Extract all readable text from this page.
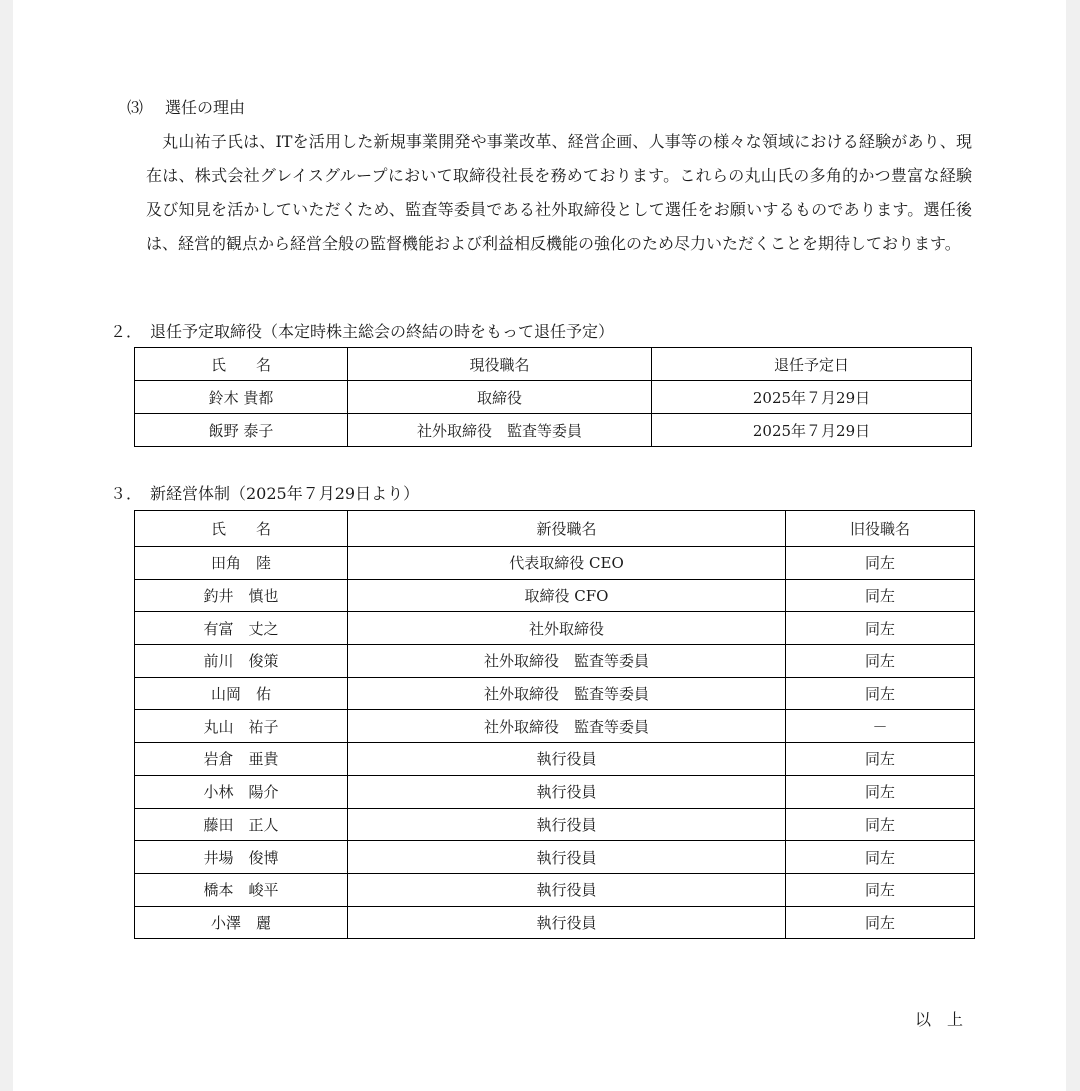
⑶ 選任の理由

丸山祐子氏は、ITを活用した新規事業開発や事業改革、経営企画、人事等の様々な領域における経験があり、現在は、株式会社グレイスグループにおいて取締役社長を務めております。これらの丸山氏の多角的かつ豊富な経験及び知見を活かしていただくため、監査等委員である社外取締役として選任をお願いするものであります。選任後は、経営的観点から経営全般の監督機能および利益相反機能の強化のため尽力いただくことを期待しております。

２． 退任予定取締役（本定時株主総会の終結の時をもって退任予定）
氏　　名	現役職名	退任予定日
鈴木 貴都	取締役	2025年７月29日
飯野 泰子	社外取締役　監査等委員	2025年７月29日
３． 新経営体制（2025年７月29日より）
氏　　名	新役職名	旧役職名
田角　陸	代表取締役 CEO	同左
釣井　慎也	取締役 CFO	同左
有富　丈之	社外取締役	同左
前川　俊策	社外取締役　監査等委員	同左
山岡　佑	社外取締役　監査等委員	同左
丸山　祐子	社外取締役　監査等委員	－
岩倉　亜貴	執行役員	同左
小林　陽介	執行役員	同左
藤田　正人	執行役員	同左
井場　俊博	執行役員	同左
橋本　峻平	執行役員	同左
小澤　麗	執行役員	同左
以　上
